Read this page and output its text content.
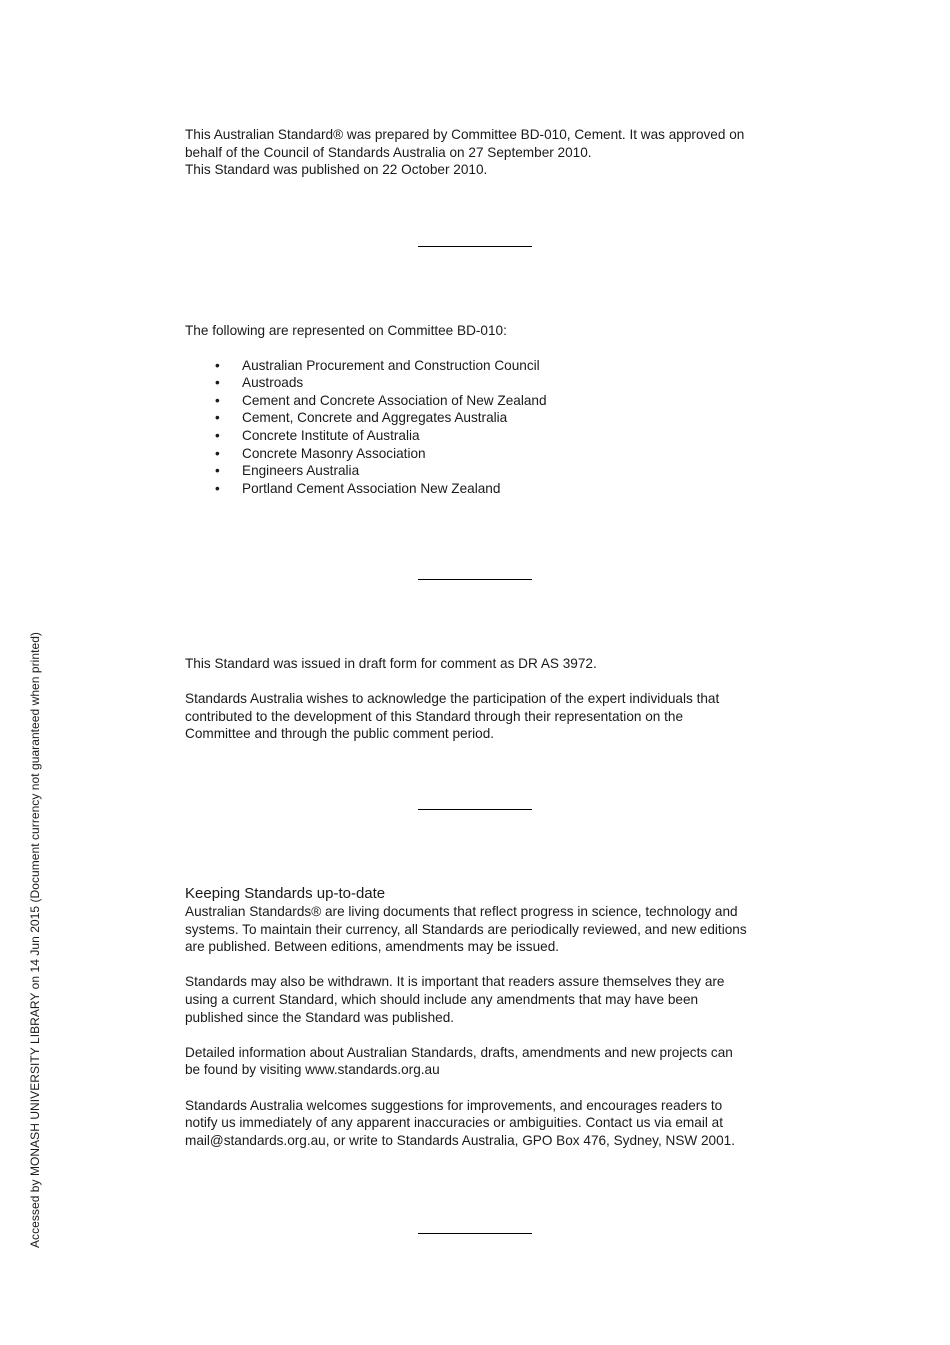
Accessed by MONASH UNIVERSITY LIBRARY on 14 Jun 2015 (Document currency not guaranteed when printed)

This Australian Standard® was prepared by Committee BD-010, Cement. It was approved on

behalf of the Council of Standards Australia on 27 September 2010.

This Standard was published on 22 October 2010.

The following are represented on Committee BD-010:

• Australian Procurement and Construction Council
• Austroads
• Cement and Concrete Association of New Zealand
• Cement, Concrete and Aggregates Australia
• Concrete Institute of Australia
• Concrete Masonry Association
• Engineers Australia
• Portland Cement Association New Zealand

This Standard was issued in draft form for comment as DR AS 3972.

Standards Australia wishes to acknowledge the participation of the expert individuals that

contributed to the development of this Standard through their representation on the

Committee and through the public comment period.

Keeping Standards up-to-date

Australian Standards® are living documents that reflect progress in science, technology and

systems. To maintain their currency, all Standards are periodically reviewed, and new editions

are published. Between editions, amendments may be issued.

Standards may also be withdrawn. It is important that readers assure themselves they are

using a current Standard, which should include any amendments that may have been

published since the Standard was published.

Detailed information about Australian Standards, drafts, amendments and new projects can

be found by visiting www.standards.org.au

Standards Australia welcomes suggestions for improvements, and encourages readers to

notify us immediately of any apparent inaccuracies or ambiguities. Contact us via email at

mail@standards.org.au, or write to Standards Australia, GPO Box 476, Sydney, NSW 2001.
